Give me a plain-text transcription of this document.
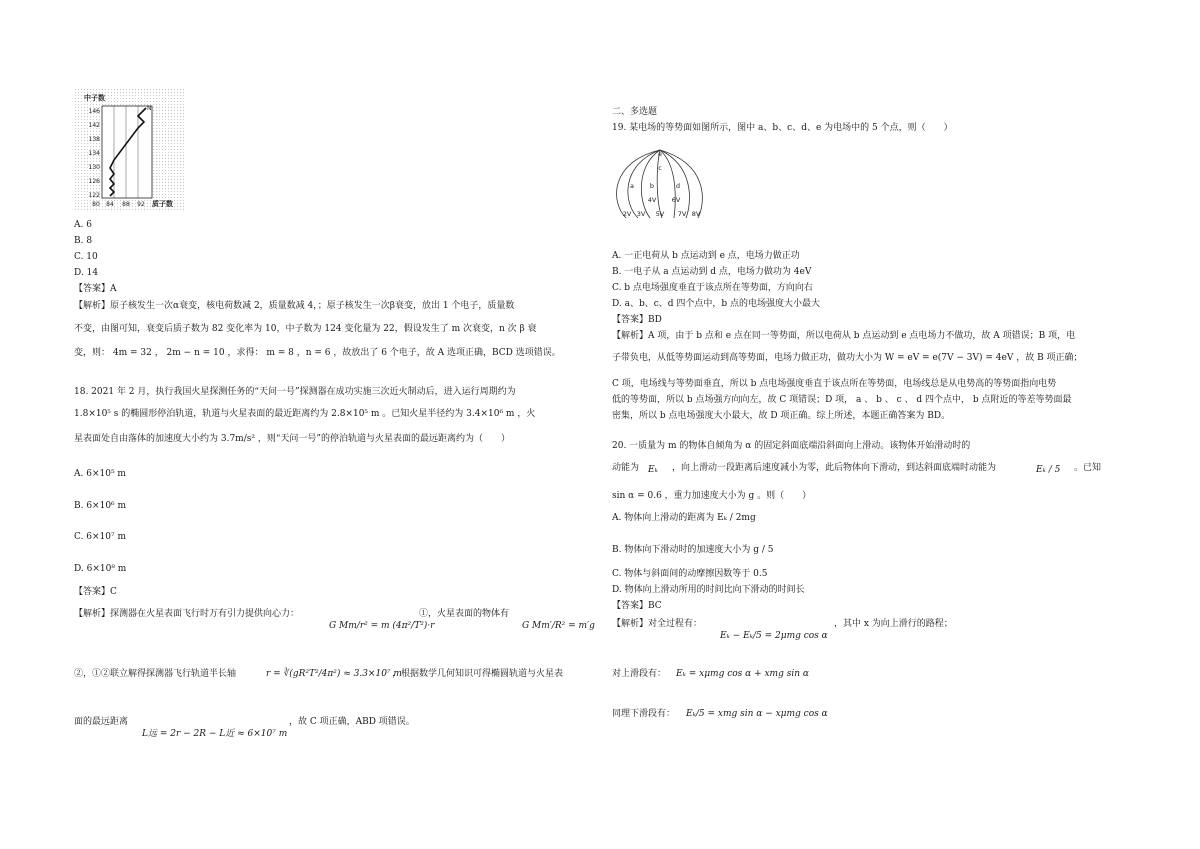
中子数
146
142
138
134
130
126
122
N
80 84 88 92 质子数
A. 6
B. 8
C. 10
D. 14
【答案】A
【解析】原子核发生一次α衰变，核电荷数减 2，质量数减 4，；原子核发生一次β衰变，放出 1 个电子，质量数
不变，由图可知，衰变后质子数为 82 变化率为 10，中子数为 124 变化量为 22，假设发生了 m 次衰变，n 次 β 衰
变，则： 4m = 32 ， 2m − n = 10 ，求得： m = 8 ，n = 6 ，故放出了 6 个电子，故 A 选项正确，BCD 选项错误。
18. 2021 年 2 月，执行我国火星探测任务的“天问一号”探测器在成功实施三次近火制动后，进入运行周期约为
1.8×10⁵ s 的椭圆形停泊轨道，轨道与火星表面的最近距离约为 2.8×10⁵ m 。已知火星半径约为 3.4×10⁶ m ，火
星表面处自由落体的加速度大小约为 3.7m/s² ，则“天问一号”的停泊轨道与火星表面的最远距离约为（　　）
A. 6×10⁵ m
B. 6×10⁶ m
C. 6×10⁷ m
D. 6×10⁸ m
【答案】C
【解析】探测器在火星表面飞行时万有引力提供向心力：
G Mm/r² = m (4π²/T²)·r
①，火星表面的物体有
G Mm′/R² = m′g
②，①②联立解得探测器飞行轨道半长轴	r = ∛(gR²T²/4π²) ≈ 3.3×10⁷ m
，根据数学几何知识可得椭圆轨道与火星表
面的最远距离
L远 = 2r − 2R − L近 ≈ 6×10⁷ m
，故 C 项正确，ABD 项错误。
二、多选题
19. 某电场的等势面如图所示，图中 a、b、c、d、e 为电场中的 5 个点，则（　　）
e
c
a b	d
4V 6V
2V 3V 5V 7V 8V
A. 一正电荷从 b 点运动到 e 点，电场力做正功
B. 一电子从 a 点运动到 d 点，电场力做功为 4eV
C. b 点电场强度垂直于该点所在等势面，方向向右
D. a、b、c、d 四个点中，b 点的电场强度大小最大
【答案】BD
【解析】A 项，由于 b 点和 e 点在同一等势面，所以电荷从 b 点运动到 e 点电场力不做功，故 A 项错误；B 项，电
子带负电，从低等势面运动到高等势面，电场力做正功，做功大小为 W = eV = e(7V − 3V) = 4eV ，故 B 项正确；
C 项，电场线与等势面垂直，所以 b 点电场强度垂直于该点所在等势面，电场线总是从电势高的等势面指向电势
低的等势面，所以 b 点场强方向向左，故 C 项错误；D 项， a 、 b 、 c 、 d 四个点中， b 点附近的等差等势面最
密集，所以 b 点电场强度大小最大，故 D 项正确。综上所述，本题正确答案为 BD。
20. 一质量为 m 的物体自倾角为 α 的固定斜面底端沿斜面向上滑动。该物体开始滑动时的
动能为 Eₖ ，向上滑动一段距离后速度减小为零，此后物体向下滑动，到达斜面底端时动能为	Eₖ / 5 。已知
sin α = 0.6 ，重力加速度大小为 g 。则（　　）
A. 物体向上滑动的距离为 Eₖ / 2mg
B. 物体向下滑动时的加速度大小为 g / 5
C. 物体与斜面间的动摩擦因数等于 0.5
D. 物体向上滑动所用的时间比向下滑动的时间长
【答案】BC
【解析】对全过程有：
Eₖ − Eₖ/5 = 2μmg cos α
，其中 x 为向上滑行的路程；
对上滑段有： Eₖ = xμmg cos α + xmg sin α
同理下滑段有： Eₖ/5 = xmg sin α − xμmg cos α
